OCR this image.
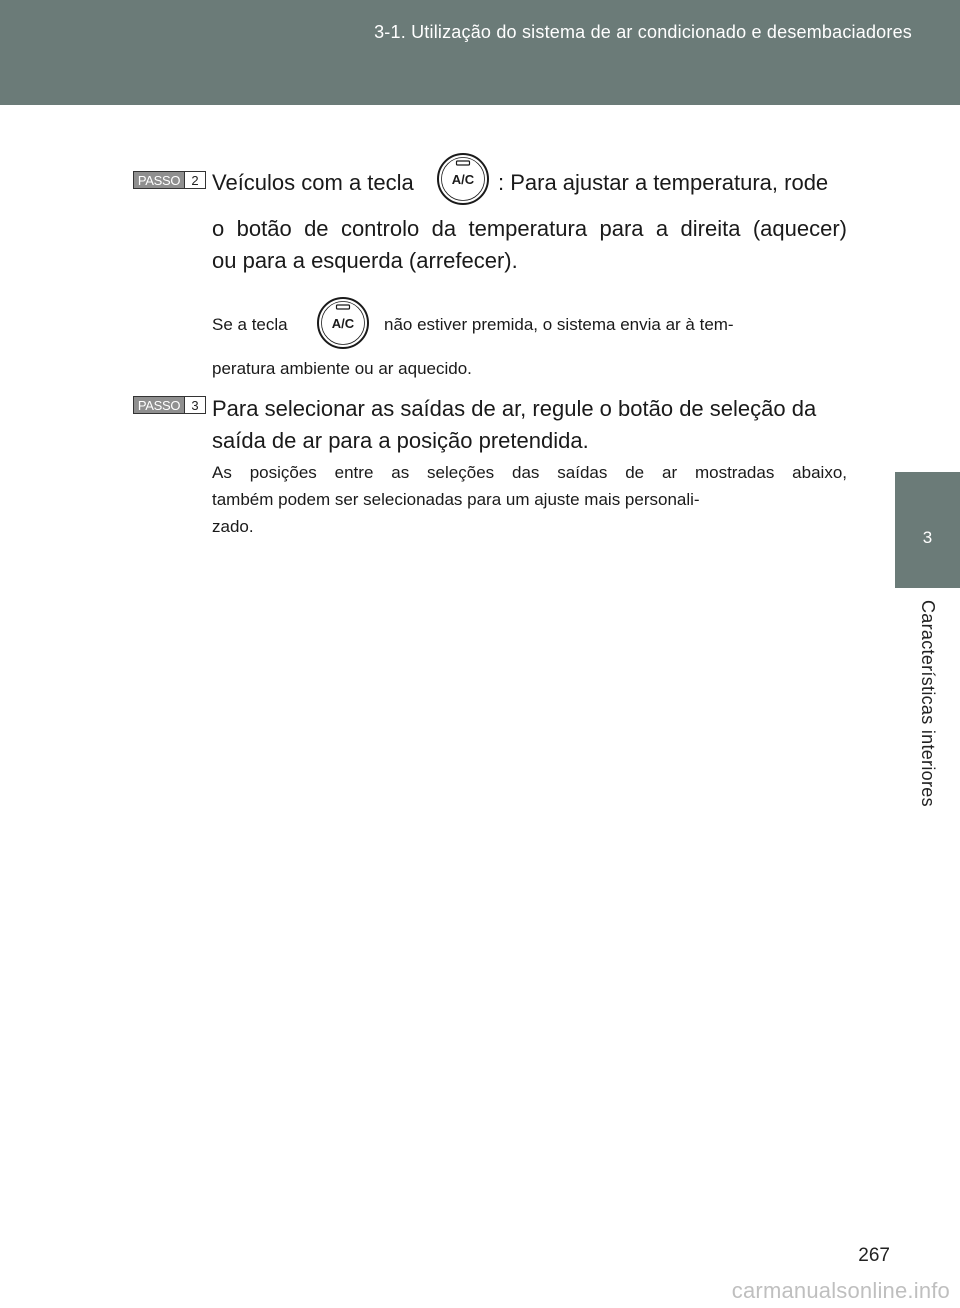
3-1. Utilização do sistema de ar condicionado e desembaciadores
3
Características interiores
PASSO 2 Veículos com a tecla	A/C : Para ajustar a temperatura, rode
o botão de controlo da temperatura para a direita (aquecer)
ou para a esquerda (arrefecer).
Se a tecla	A/C não estiver premida, o sistema envia ar à tem-
peratura ambiente ou ar aquecido.
PASSO 3 Para selecionar as saídas de ar, regule o botão de seleção da
saída de ar para a posição pretendida.
As posições entre as seleções das saídas de ar mostradas abaixo,
também podem ser selecionadas para um ajuste mais personali-
zado.
267
carmanualsonline.info
